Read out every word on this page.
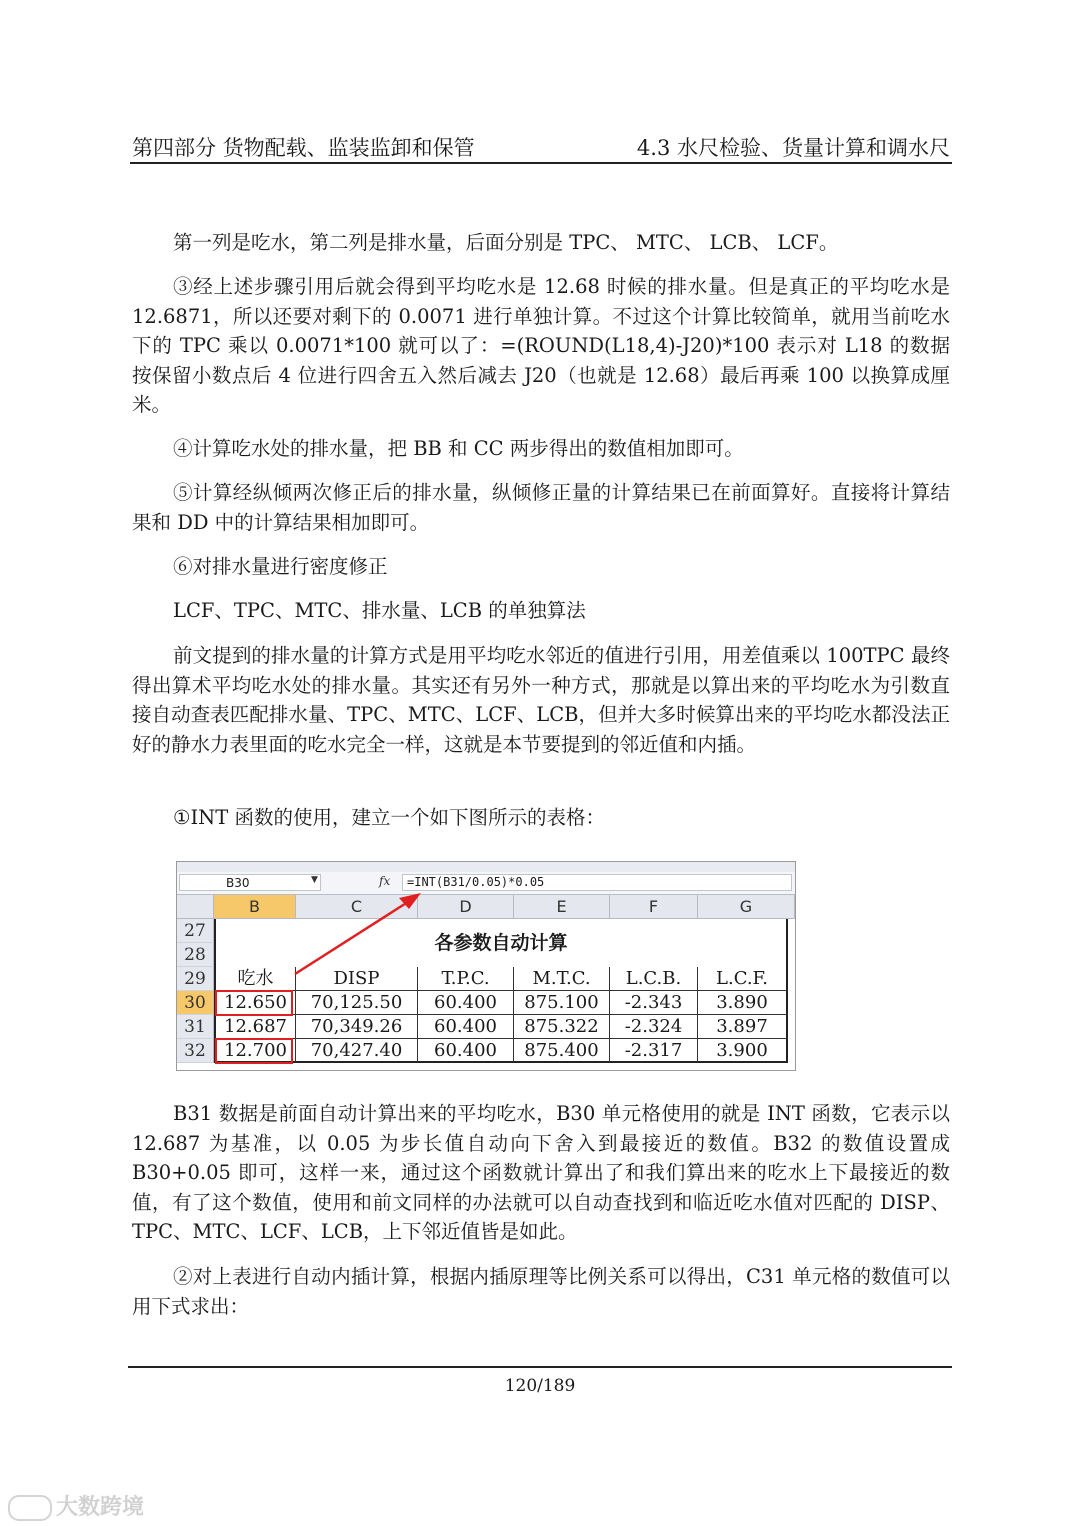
第四部分 货物配载、监装监卸和保管	4.3 水尺检验、货量计算和调水尺

第一列是吃水，第二列是排水量，后面分别是 TPC、 MTC、 LCB、 LCF。

③经上述步骤引用后就会得到平均吃水是 12.68 时候的排水量。但是真正的平均吃水是 12.6871，所以还要对剩下的 0.0071 进行单独计算。不过这个计算比较简单，就用当前吃水下的 TPC 乘以 0.0071*100 就可以了：=(ROUND(L18,4)-J20)*100 表示对 L18 的数据按保留小数点后 4 位进行四舍五入然后减去 J20（也就是 12.68）最后再乘 100 以换算成厘米。

④计算吃水处的排水量，把 BB 和 CC 两步得出的数值相加即可。

⑤计算经纵倾两次修正后的排水量，纵倾修正量的计算结果已在前面算好。直接将计算结果和 DD 中的计算结果相加即可。

⑥对排水量进行密度修正

LCF、TPC、MTC、排水量、LCB 的单独算法

前文提到的排水量的计算方式是用平均吃水邻近的值进行引用，用差值乘以 100TPC 最终得出算术平均吃水处的排水量。其实还有另外一种方式，那就是以算出来的平均吃水为引数直接自动查表匹配排水量、TPC、MTC、LCF、LCB，但并大多时候算出来的平均吃水都没法正好的静水力表里面的吃水完全一样，这就是本节要提到的邻近值和内插。

①INT 函数的使用，建立一个如下图所示的表格：

B30	▼	fx	=INT(B31/0.05)*0.05
B	C	D	E	F	G
27
28
29
30
31
32
各参数自动计算
吃水	DISP	T.P.C.	M.T.C.	L.C.B.	L.C.F.
12.650	70,125.50	60.400	875.100	-2.343	3.890
12.687	70,349.26	60.400	875.322	-2.324	3.897
12.700	70,427.40	60.400	875.400	-2.317	3.900

B31 数据是前面自动计算出来的平均吃水，B30 单元格使用的就是 INT 函数，它表示以 12.687 为基准，以 0.05 为步长值自动向下舍入到最接近的数值。B32 的数值设置成 B30+0.05 即可，这样一来，通过这个函数就计算出了和我们算出来的吃水上下最接近的数值，有了这个数值，使用和前文同样的办法就可以自动查找到和临近吃水值对匹配的 DISP、TPC、MTC、LCF、LCB，上下邻近值皆是如此。

②对上表进行自动内插计算，根据内插原理等比例关系可以得出，C31 单元格的数值可以用下式求出：

120/189
大数跨境
